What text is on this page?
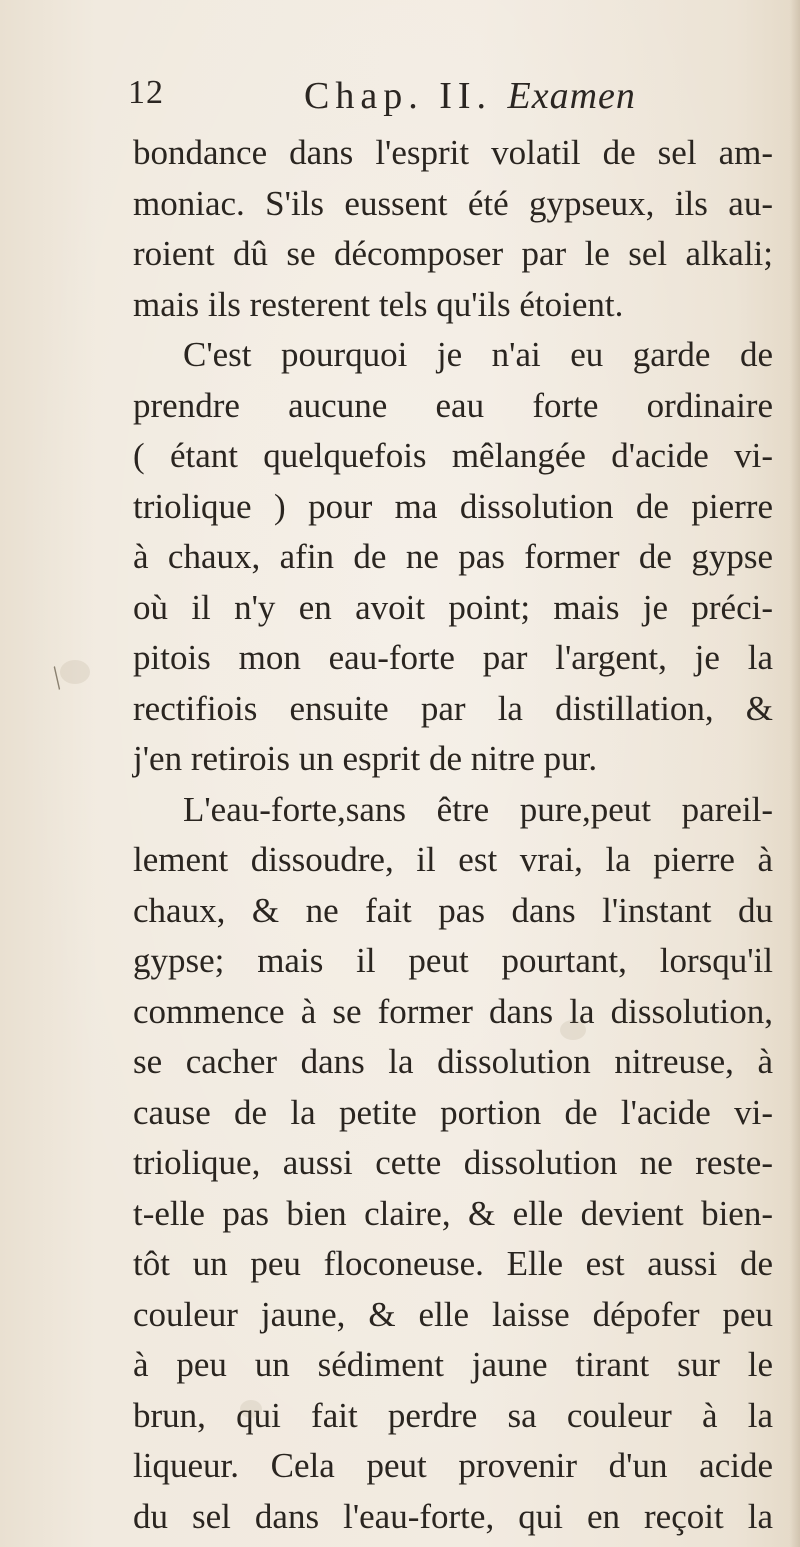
12	Chap. II. Examen
bondance dans l'esprit volatil de sel am-
moniac. S'ils eussent été gypseux, ils au-
roient dû se décomposer par le sel alkali;
mais ils resterent tels qu'ils étoient.
C'est pourquoi je n'ai eu garde de
prendre aucune eau forte ordinaire
( étant quelquefois mêlangée d'acide vi-
triolique ) pour ma dissolution de pierre
à chaux, afin de ne pas former de gypse
où il n'y en avoit point; mais je préci-
pitois mon eau-forte par l'argent, je la
rectifiois ensuite par la distillation, &
j'en retirois un esprit de nitre pur.
L'eau-forte,sans être pure,peut pareil-
lement dissoudre, il est vrai, la pierre à
chaux, & ne fait pas dans l'instant du
gypse; mais il peut pourtant, lorsqu'il
commence à se former dans la dissolution,
se cacher dans la dissolution nitreuse, à
cause de la petite portion de l'acide vi-
triolique, aussi cette dissolution ne reste-
t-elle pas bien claire, & elle devient bien-
tôt un peu floconeuse. Elle est aussi de
couleur jaune, & elle laisse dépofer peu
à peu un sédiment jaune tirant sur le
brun, qui fait perdre sa couleur à la
liqueur. Cela peut provenir d'un acide
du sel dans l'eau-forte, qui en reçoit la
╱
